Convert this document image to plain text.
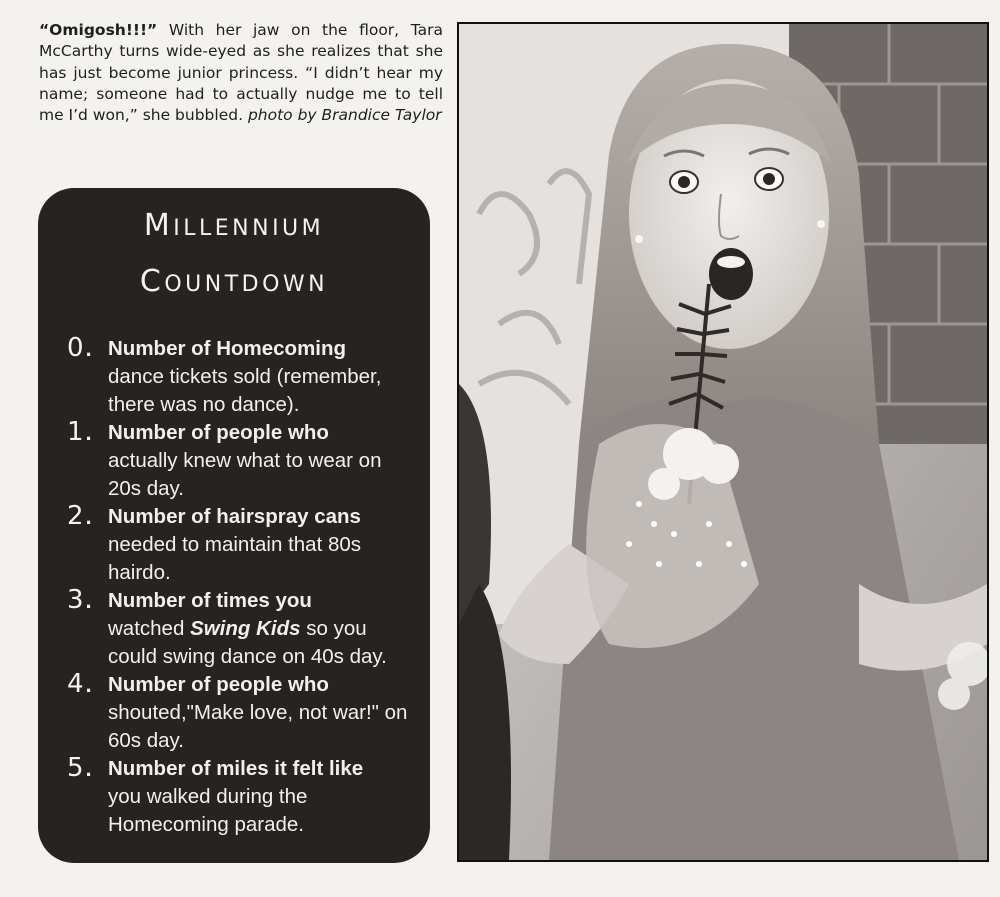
“Omigosh!!!” With her jaw on the floor, Tara McCarthy turns wide-eyed as she realizes that she has just become junior princess. “I didn’t hear my name; someone had to actually nudge me to tell me I’d won,” she bubbled. photo by Brandice Taylor
MILLENNIUM
COUNTDOWN
0. Number of Homecoming
dance tickets sold (remember, there was no dance).
1. Number of people who
actually knew what to wear on 20s day.
2. Number of hairspray cans
needed to maintain that 80s hairdo.
3. Number of times you
watched Swing Kids so you could swing dance on 40s day.
4. Number of people who
shouted,"Make love, not war!" on 60s day.
5. Number of miles it felt like
you walked during the Homecoming parade.
